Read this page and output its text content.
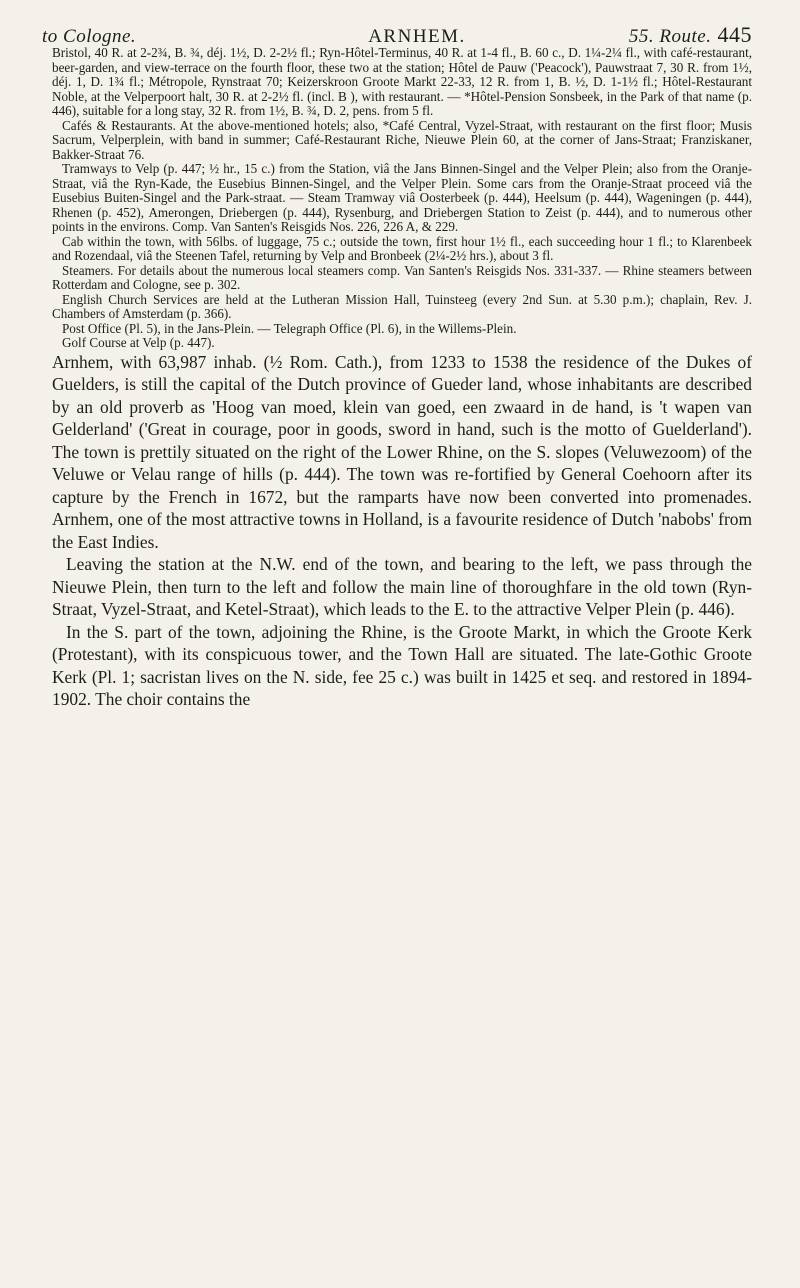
to Cologne.	ARNHEM.	55. Route. 445

Bristol, 40 R. at 2-2¾, B. ¾, déj. 1½, D. 2-2½ fl.; Ryn-Hôtel-Terminus, 40 R. at 1-4 fl., B. 60 c., D. 1¼-2¼ fl., with café-restaurant, beer-garden, and view-terrace on the fourth floor, these two at the station; Hôtel de Pauw ('Peacock'), Pauwstraat 7, 30 R. from 1½, déj. 1, D. 1¾ fl.; Métropole, Rynstraat 70; Keizerskroon Groote Markt 22-33, 12 R. from 1, B. ½, D. 1-1½ fl.; Hôtel-Restaurant Noble, at the Velperpoort halt, 30 R. at 2-2½ fl. (incl. B ), with restaurant. — *Hôtel-Pension Sonsbeek, in the Park of that name (p. 446), suitable for a long stay, 32 R. from 1½, B. ¾, D. 2, pens. from 5 fl.

Cafés & Restaurants. At the above-mentioned hotels; also, *Café Central, Vyzel-Straat, with restaurant on the first floor; Musis Sacrum, Velperplein, with band in summer; Café-Restaurant Riche, Nieuwe Plein 60, at the corner of Jans-Straat; Franziskaner, Bakker-Straat 76.

Tramways to Velp (p. 447; ½ hr., 15 c.) from the Station, viâ the Jans Binnen-Singel and the Velper Plein; also from the Oranje-Straat, viâ the Ryn-Kade, the Eusebius Binnen-Singel, and the Velper Plein. Some cars from the Oranje-Straat proceed viâ the Eusebius Buiten-Singel and the Park-straat. — Steam Tramway viâ Oosterbeek (p. 444), Heelsum (p. 444), Wageningen (p. 444), Rhenen (p. 452), Amerongen, Driebergen (p. 444), Rysenburg, and Driebergen Station to Zeist (p. 444), and to numerous other points in the environs. Comp. Van Santen's Reisgids Nos. 226, 226 A, & 229.

Cab within the town, with 56lbs. of luggage, 75 c.; outside the town, first hour 1½ fl., each succeeding hour 1 fl.; to Klarenbeek and Rozendaal, viâ the Steenen Tafel, returning by Velp and Bronbeek (2¼-2½ hrs.), about 3 fl.

Steamers. For details about the numerous local steamers comp. Van Santen's Reisgids Nos. 331-337. — Rhine steamers between Rotterdam and Cologne, see p. 302.

English Church Services are held at the Lutheran Mission Hall, Tuinsteeg (every 2nd Sun. at 5.30 p.m.); chaplain, Rev. J. Chambers of Amsterdam (p. 366).

Post Office (Pl. 5), in the Jans-Plein. — Telegraph Office (Pl. 6), in the Willems-Plein.

Golf Course at Velp (p. 447).

Arnhem, with 63,987 inhab. (½ Rom. Cath.), from 1233 to 1538 the residence of the Dukes of Guelders, is still the capital of the Dutch province of Gueder land, whose inhabitants are described by an old proverb as 'Hoog van moed, klein van goed, een zwaard in de hand, is 't wapen van Gelderland' ('Great in courage, poor in goods, sword in hand, such is the motto of Guelderland'). The town is prettily situated on the right of the Lower Rhine, on the S. slopes (Veluwezoom) of the Veluwe or Velau range of hills (p. 444). The town was re-fortified by General Coehoorn after its capture by the French in 1672, but the ramparts have now been converted into promenades. Arnhem, one of the most attractive towns in Holland, is a favourite residence of Dutch 'nabobs' from the East Indies.

Leaving the station at the N.W. end of the town, and bearing to the left, we pass through the Nieuwe Plein, then turn to the left and follow the main line of thoroughfare in the old town (Ryn-Straat, Vyzel-Straat, and Ketel-Straat), which leads to the E. to the attractive Velper Plein (p. 446).

In the S. part of the town, adjoining the Rhine, is the Groote Markt, in which the Groote Kerk (Protestant), with its conspicuous tower, and the Town Hall are situated. The late-Gothic Groote Kerk (Pl. 1; sacristan lives on the N. side, fee 25 c.) was built in 1425 et seq. and restored in 1894-1902. The choir contains the
